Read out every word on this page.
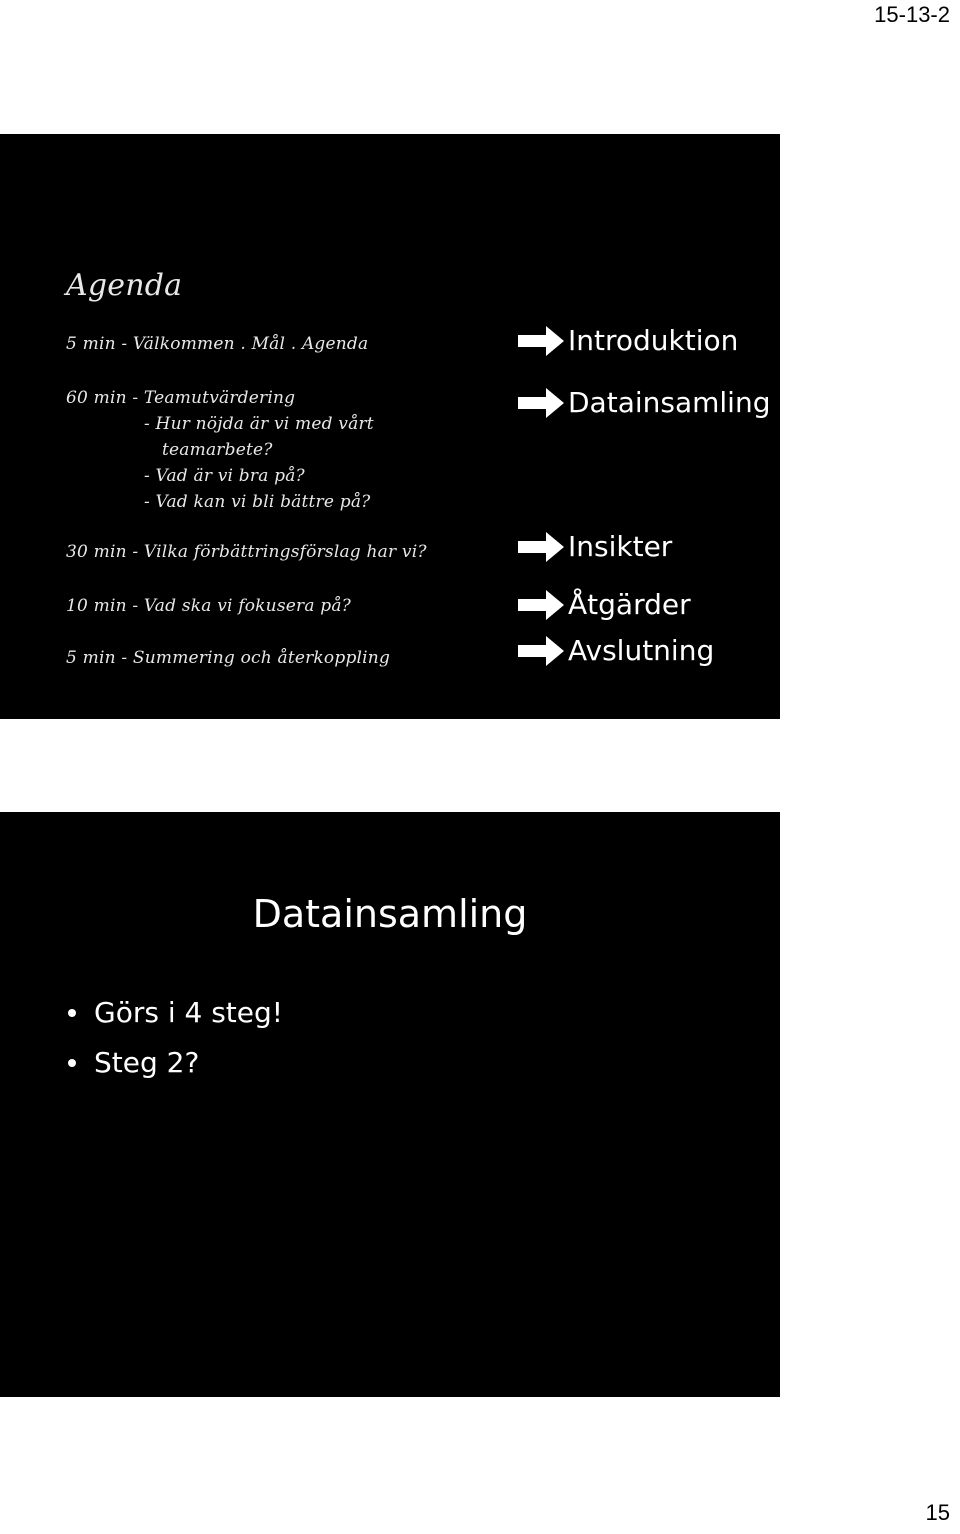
15-13-2
Agenda
5 min - Välkommen . Mål . Agenda
60 min - Teamutvärdering
- Hur nöjda är vi med vårt
teamarbete?
- Vad är vi bra på?
- Vad kan vi bli bättre på?
30 min - Vilka förbättringsförslag har vi?
10 min - Vad ska vi fokusera på?
5 min - Summering och återkoppling
Introduktion
Datainsamling
Insikter
Åtgärder
Avslutning
Datainsamling
Görs i 4 steg!
Steg 2?
15
